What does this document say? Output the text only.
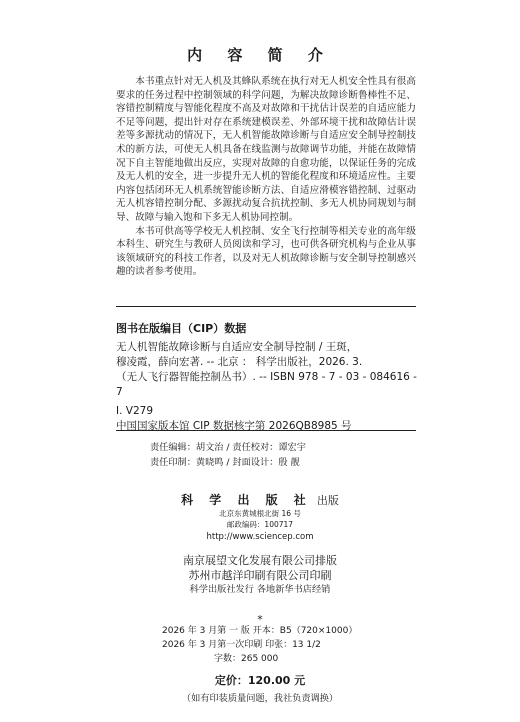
内 容 简 介

本书重点针对无人机及其蜂队系统在执行对无人机安全性具有很高要求的任务过程中控制领域的科学问题，为解决故障诊断鲁棒性不足、容错控制精度与智能化程度不高及对故障和干扰估计误差的自适应能力不足等问题，提出针对存在系统建模误差、外部环境干扰和故障估计误差等多源扰动的情况下，无人机智能故障诊断与自适应安全制导控制技术的新方法，可使无人机具备在线监测与故障调节功能，并能在故障情况下自主智能地做出反应，实现对故障的自愈功能，以保证任务的完成及无人机的安全，进一步提升无人机的智能化程度和环境适应性。主要内容包括闭环无人机系统智能诊断方法、自适应滑模容错控制、过驱动无人机容错控制分配、多源扰动复合抗扰控制、多无人机协同规划与制导、故障与输入饱和下多无人机协同控制。

本书可供高等学校无人机控制、安全飞行控制等相关专业的高年级本科生、研究生与教研人员阅读和学习，也可供各研究机构与企业从事该领域研究的科技工作者，以及对无人机故障诊断与安全制导控制感兴趣的读者参考使用。

图书在版编目（CIP）数据
无人机智能故障诊断与自适应安全制导控制 / 王斑，
穆凌霞，薛向宏著. -- 北京 ： 科学出版社，2026. 3.
（无人飞行器智能控制丛书）. -- ISBN 978 - 7 - 03 - 084616 -
7
Ⅰ. V279
中国国家版本馆 CIP 数据核字第 2026QB8985 号
责任编辑：胡文治 / 责任校对：谭宏宇
责任印制：黄晓鸣 / 封面设计：殷 靓
科 学 出 版 社 出版
北京东黄城根北街 16 号
邮政编码：100717
http://www.sciencep.com
南京展望文化发展有限公司排版
苏州市越洋印刷有限公司印刷
科学出版社发行 各地新华书店经销
*
2026 年 3 月第 一 版 开本：B5（720×1000）
2026 年 3 月第一次印刷 印张：13 1/2
字数：265 000
定价：120.00 元
（如有印装质量问题，我社负责调换）
